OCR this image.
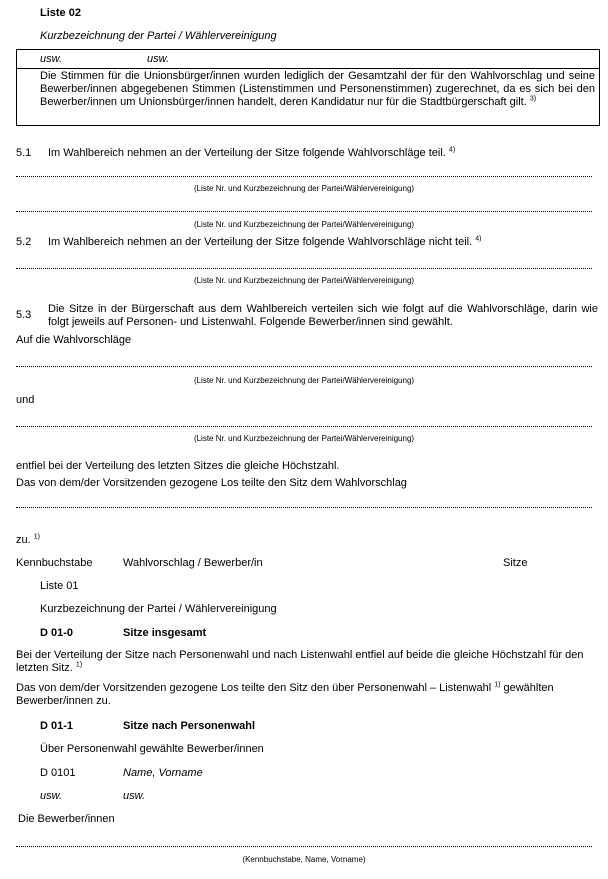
Liste 02
Kurzbezeichnung der Partei / Wählervereinigung
usw.	usw.
Die Stimmen für die Unionsbürger/innen wurden lediglich der Gesamtzahl der für den Wahlvorschlag und seine Bewerber/innen abgegebenen Stimmen (Listenstimmen und Personenstimmen) zugerechnet, da es sich bei den Bewerber/innen um Unionsbürger/innen handelt, deren Kandidatur nur für die Stadtbürgerschaft gilt. $^{3)}$
5.1 Im Wahlbereich nehmen an der Verteilung der Sitze folgende Wahlvorschläge teil. $^{4)}$
(Liste Nr. und Kurzbezeichnung der Partei/Wählervereinigung)
(Liste Nr. und Kurzbezeichnung der Partei/Wählervereinigung)
5.2 Im Wahlbereich nehmen an der Verteilung der Sitze folgende Wahlvorschläge nicht teil. $^{4)}$
(Liste Nr. und Kurzbezeichnung der Partei/Wählervereinigung)
5.3 Die Sitze in der Bürgerschaft aus dem Wahlbereich verteilen sich wie folgt auf die Wahlvorschläge, darin wie folgt jeweils auf Personen- und Listenwahl. Folgende Bewerber/innen sind gewählt.
Auf die Wahlvorschläge
(Liste Nr. und Kurzbezeichnung der Partei/Wählervereinigung)
und
(Liste Nr. und Kurzbezeichnung der Partei/Wählervereinigung)
entfiel bei der Verteilung des letzten Sitzes die gleiche Höchstzahl.
Das von dem/der Vorsitzenden gezogene Los teilte den Sitz dem Wahlvorschlag
zu. $^{1)}$
Kennbuchstabe	Wahlvorschlag / Bewerber/in	Sitze
Liste 01
Kurzbezeichnung der Partei / Wählervereinigung
D 01-0	Sitze insgesamt
Bei der Verteilung der Sitze nach Personenwahl und nach Listenwahl entfiel auf beide die gleiche Höchstzahl für den letzten Sitz. $^{1)}$
Das von dem/der Vorsitzenden gezogene Los teilte den Sitz den über Personenwahl – Listenwahl $^{1)}$ gewählten Bewerber/innen zu.
D 01-1	Sitze nach Personenwahl
Über Personenwahl gewählte Bewerber/innen
D 0101	Name, Vorname
usw.	usw.
Die Bewerber/innen
(Kennbuchstabe, Name, Vorname)
